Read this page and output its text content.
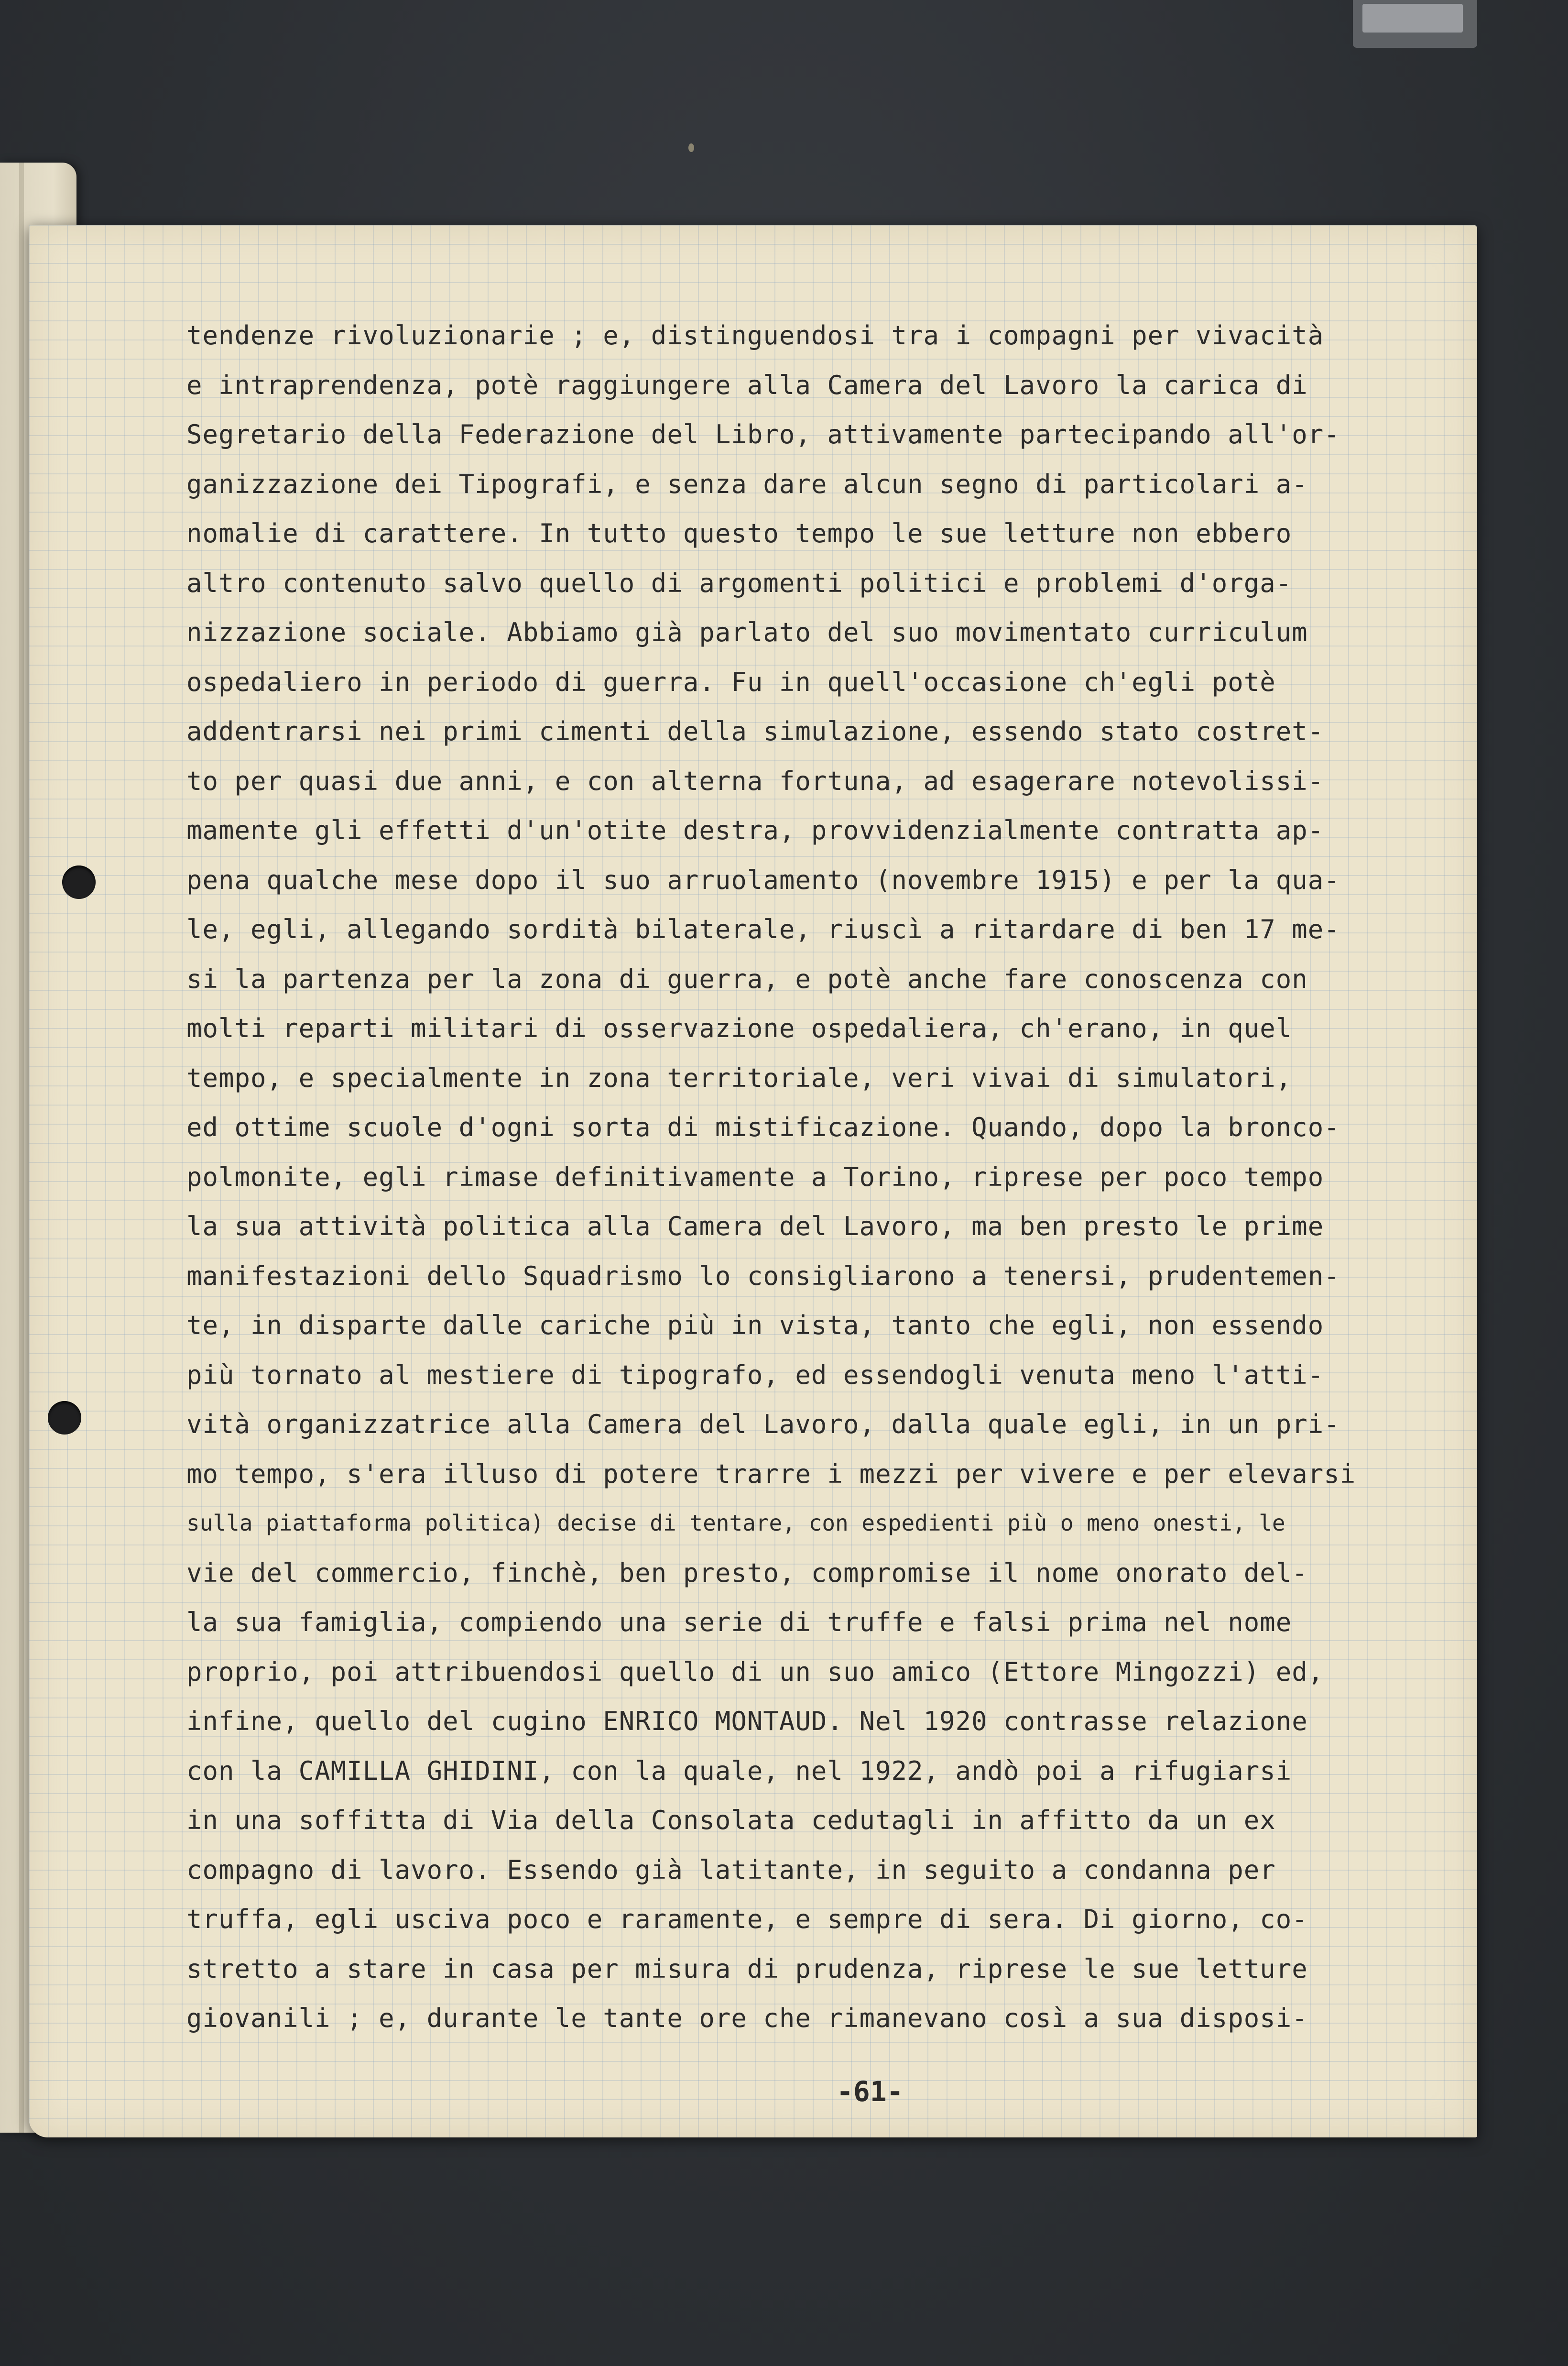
tendenze rivoluzionarie ; e, distinguendosi tra i compagni per vivacità
e intraprendenza, potè raggiungere alla Camera del Lavoro la carica di
Segretario della Federazione del Libro, attivamente partecipando all'or-
ganizzazione dei Tipografi, e senza dare alcun segno di particolari a-
nomalie di carattere. In tutto questo tempo le sue letture non ebbero
altro contenuto salvo quello di argomenti politici e problemi d'orga-
nizzazione sociale. Abbiamo già parlato del suo movimentato curriculum
ospedaliero in periodo di guerra. Fu in quell'occasione ch'egli potè
addentrarsi nei primi cimenti della simulazione, essendo stato costret-
to per quasi due anni, e con alterna fortuna, ad esagerare notevolissi-
mamente gli effetti d'un'otite destra, provvidenzialmente contratta ap-
pena qualche mese dopo il suo arruolamento (novembre 1915) e per la qua-
le, egli, allegando sordità bilaterale, riuscì a ritardare di ben 17 me-
si la partenza per la zona di guerra, e potè anche fare conoscenza con
molti reparti militari di osservazione ospedaliera, ch'erano, in quel
tempo, e specialmente in zona territoriale, veri vivai di simulatori,
ed ottime scuole d'ogni sorta di mistificazione. Quando, dopo la bronco-
polmonite, egli rimase definitivamente a Torino, riprese per poco tempo
la sua attività politica alla Camera del Lavoro, ma ben presto le prime
manifestazioni dello Squadrismo lo consigliarono a tenersi, prudentemen-
te, in disparte dalle cariche più in vista, tanto che egli, non essendo
più tornato al mestiere di tipografo, ed essendogli venuta meno l'atti-
vità organizzatrice alla Camera del Lavoro, dalla quale egli, in un pri-
mo tempo, s'era illuso di potere trarre i mezzi per vivere e per elevarsi
sulla piattaforma politica) decise di tentare, con espedienti più o meno onesti, le
vie del commercio, finchè, ben presto, compromise il nome onorato del-
la sua famiglia, compiendo una serie di truffe e falsi prima nel nome
proprio, poi attribuendosi quello di un suo amico (Ettore Mingozzi) ed,
infine, quello del cugino ENRICO MONTAUD. Nel 1920 contrasse relazione
con la CAMILLA GHIDINI, con la quale, nel 1922, andò poi a rifugiarsi
in una soffitta di Via della Consolata cedutagli in affitto da un ex
compagno di lavoro. Essendo già latitante, in seguito a condanna per
truffa, egli usciva poco e raramente, e sempre di sera. Di giorno, co-
stretto a stare in casa per misura di prudenza, riprese le sue letture
giovanili ; e, durante le tante ore che rimanevano così a sua disposi-
-61-
